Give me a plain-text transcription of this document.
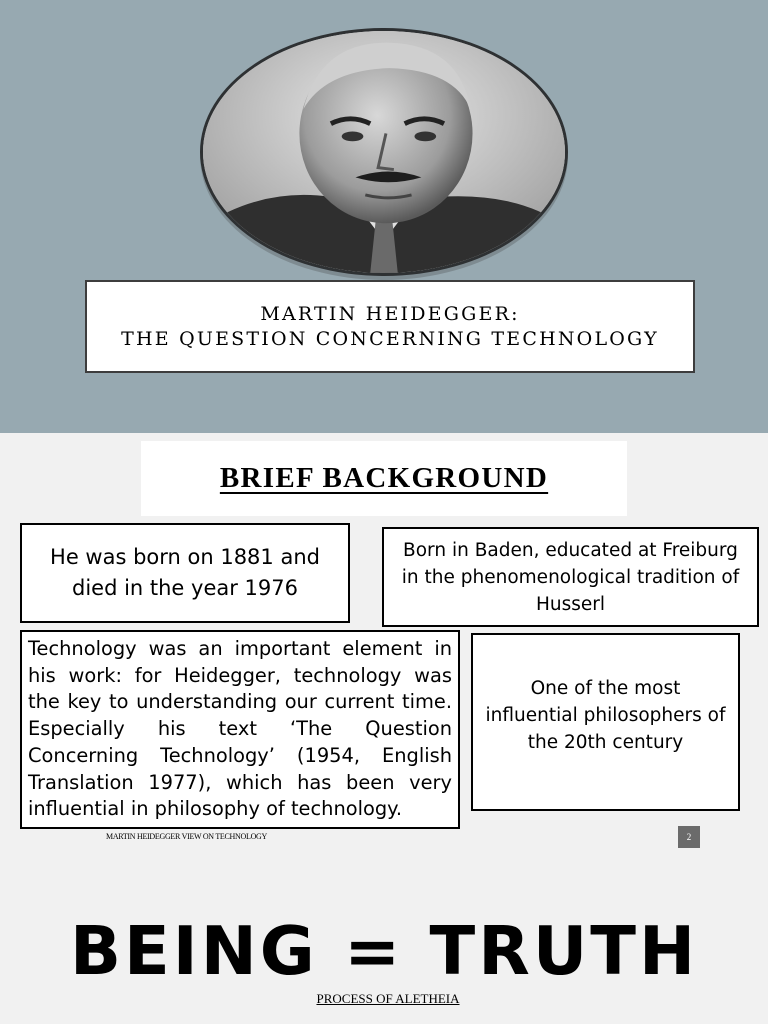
MARTIN HEIDEGGER:
THE QUESTION CONCERNING TECHNOLOGY
BRIEF BACKGROUND
He was born on 1881 and died in the year 1976
Born in Baden, educated at Freiburg in the phenomenological tradition of Husserl
Technology was an important element in his work: for Heidegger, technology was the key to understanding our current time. Especially his text ‘The Question Concerning Technology’ (1954, English Translation 1977), which has been very influential in philosophy of technology.
One of the most influential philosophers of the 20th century
MARTIN HEIDEGGER VIEW ON TECHNOLOGY	2
BEING = TRUTH
PROCESS OF ALETHEIA
